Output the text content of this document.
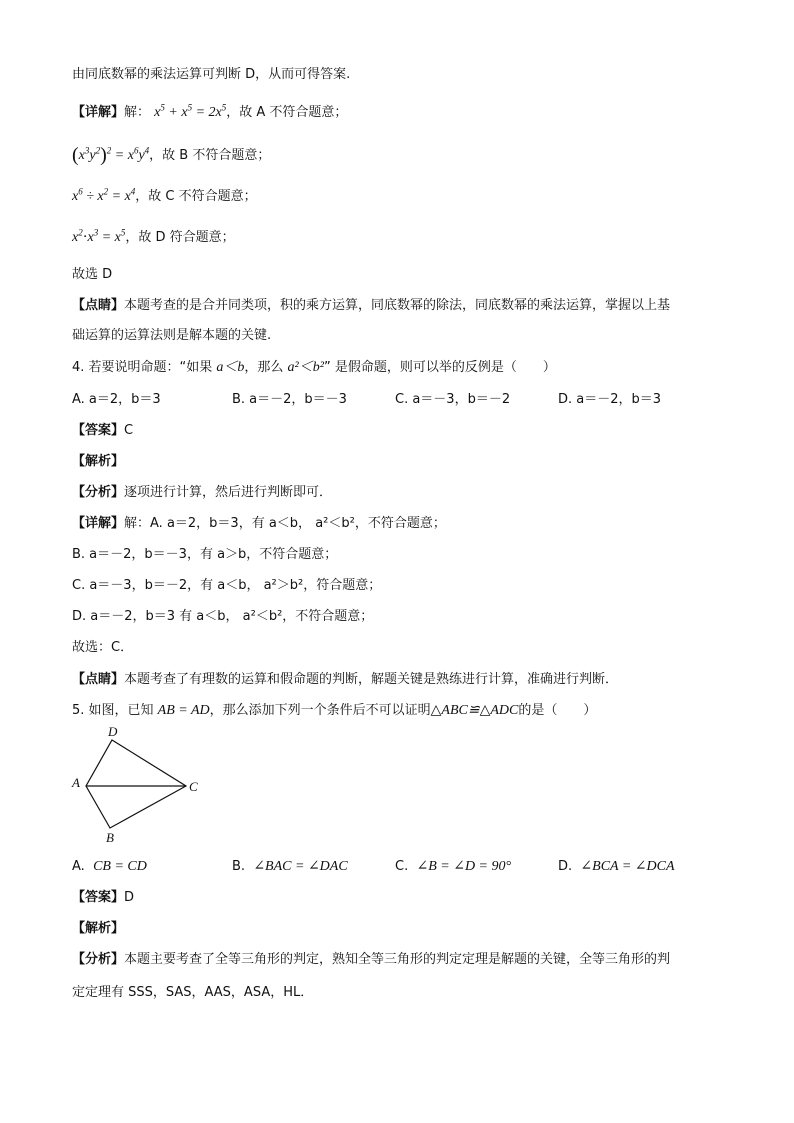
由同底数幂的乘法运算可判断 D，从而可得答案.
【详解】解： $x^5 + x^5 = 2x^5$，故 A 不符合题意；
$(x^3y^2)^2 = x^6y^4$，故 B 不符合题意；
$x^6 \div x^2 = x^4$，故 C 不符合题意；
$x^2\cdot x^3 = x^5$，故 D 符合题意；
故选 D
【点睛】本题考查的是合并同类项，积的乘方运算，同底数幂的除法，同底数幂的乘法运算，掌握以上基
础运算的运算法则是解本题的关键.
4. 若要说明命题：“如果 a＜b，那么 a²＜b²” 是假命题，则可以举的反例是（　　）
A. a＝2，b＝3	B. a＝－2，b＝－3	C. a＝－3，b＝－2	D. a＝－2，b＝3
【答案】C
【解析】
【分析】逐项进行计算，然后进行判断即可．
【详解】解：A. a＝2，b＝3，有 a＜b， a²＜b²，不符合题意；
B. a＝－2，b＝－3，有 a＞b，不符合题意；
C. a＝－3，b＝－2，有 a＜b， a²＞b²，符合题意；
D. a＝－2，b＝3 有 a＜b， a²＜b²，不符合题意；
故选：C．
【点睛】本题考查了有理数的运算和假命题的判断，解题关键是熟练进行计算，准确进行判断．
5. 如图，已知 AB = AD，那么添加下列一个条件后不可以证明△ABC≌△ADC的是（　　）
D
A	C
B
A. CB = CD	B. ∠BAC = ∠DAC	C. ∠B = ∠D = 90°	D. ∠BCA = ∠DCA
【答案】D
【解析】
【分析】本题主要考查了全等三角形的判定，熟知全等三角形的判定定理是解题的关键，全等三角形的判
定定理有 SSS，SAS，AAS，ASA，HL．
